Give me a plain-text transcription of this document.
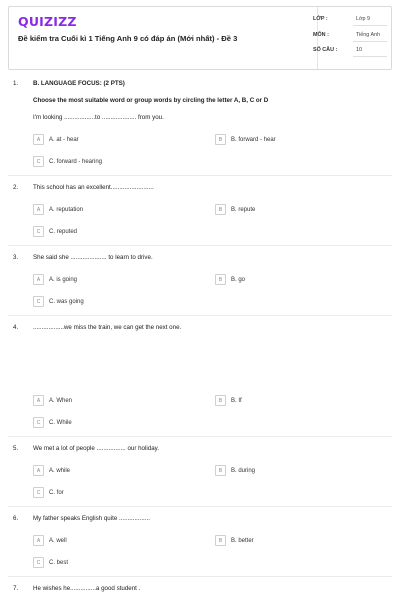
QUIZIZZ
Đề kiểm tra Cuối kì 1 Tiếng Anh 9 có đáp án (Mới nhất) - Đề 3
LỚP :	Lớp 9
MÔN :	Tiếng Anh
SỐ CÂU :	10
1. B. LANGUAGE FOCUS: (2 PTS)
Choose the most suitable word or group words by circling the letter A, B, C or D
I'm looking ..................to .................... from you.
A	A. at - hear	B	B. forward - hear
C	C. forward - hearing
2. This school has an excellent.........................
A	A. reputation	B	B. repute
C	C. reputed
3. She said she ..................... to learn to drive.
A	A. is going	B	B. go
C	C. was going
4. ..................we miss the train, we can get the next one.
A	A. When	B	B. If
C	C. While
5. We met a lot of people ................. our holiday.
A	A. while	B	B. during
C	C. for
6. My father speaks English quite ..................
A	A. well	B	B. better
C	C. best
7. He wishes he...............a good student .
